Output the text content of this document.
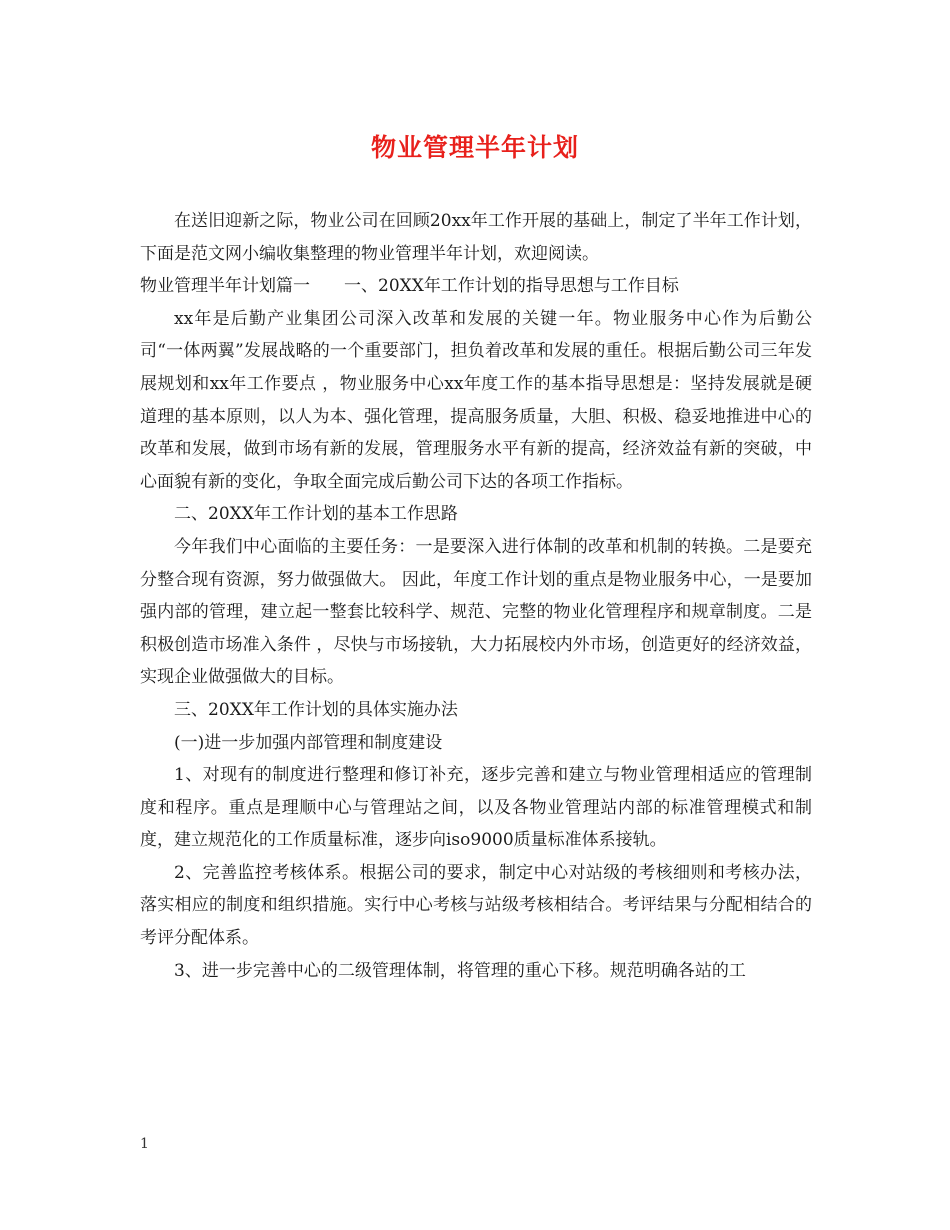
物业管理半年计划

在送旧迎新之际，物业公司在回顾20xx年工作开展的基础上，制定了半年工作计划，下面是范文网小编收集整理的物业管理半年计划，欢迎阅读。

物业管理半年计划篇一　　一、20XX年工作计划的指导思想与工作目标

xx年是后勤产业集团公司深入改革和发展的关键一年。物业服务中心作为后勤公司“一体两翼”发展战略的一个重要部门，担负着改革和发展的重任。根据后勤公司三年发展规划和xx年工作要点 ，物业服务中心xx年度工作的基本指导思想是：坚持发展就是硬道理的基本原则，以人为本、强化管理，提高服务质量，大胆、积极、稳妥地推进中心的改革和发展，做到市场有新的发展，管理服务水平有新的提高，经济效益有新的突破，中心面貌有新的变化，争取全面完成后勤公司下达的各项工作指标。

二、20XX年工作计划的基本工作思路

今年我们中心面临的主要任务：一是要深入进行体制的改革和机制的转换。二是要充分整合现有资源，努力做强做大。 因此，年度工作计划的重点是物业服务中心，一是要加强内部的管理，建立起一整套比较科学、规范、完整的物业化管理程序和规章制度。二是积极创造市场准入条件 ，尽快与市场接轨，大力拓展校内外市场，创造更好的经济效益，实现企业做强做大的目标。

三、20XX年工作计划的具体实施办法

(一)进一步加强内部管理和制度建设

1、对现有的制度进行整理和修订补充，逐步完善和建立与物业管理相适应的管理制度和程序。重点是理顺中心与管理站之间，以及各物业管理站内部的标准管理模式和制度，建立规范化的工作质量标准，逐步向iso9000质量标准体系接轨。

2、完善监控考核体系。根据公司的要求，制定中心对站级的考核细则和考核办法，落实相应的制度和组织措施。实行中心考核与站级考核相结合。考评结果与分配相结合的考评分配体系。

3、进一步完善中心的二级管理体制，将管理的重心下移。规范明确各站的工

1
